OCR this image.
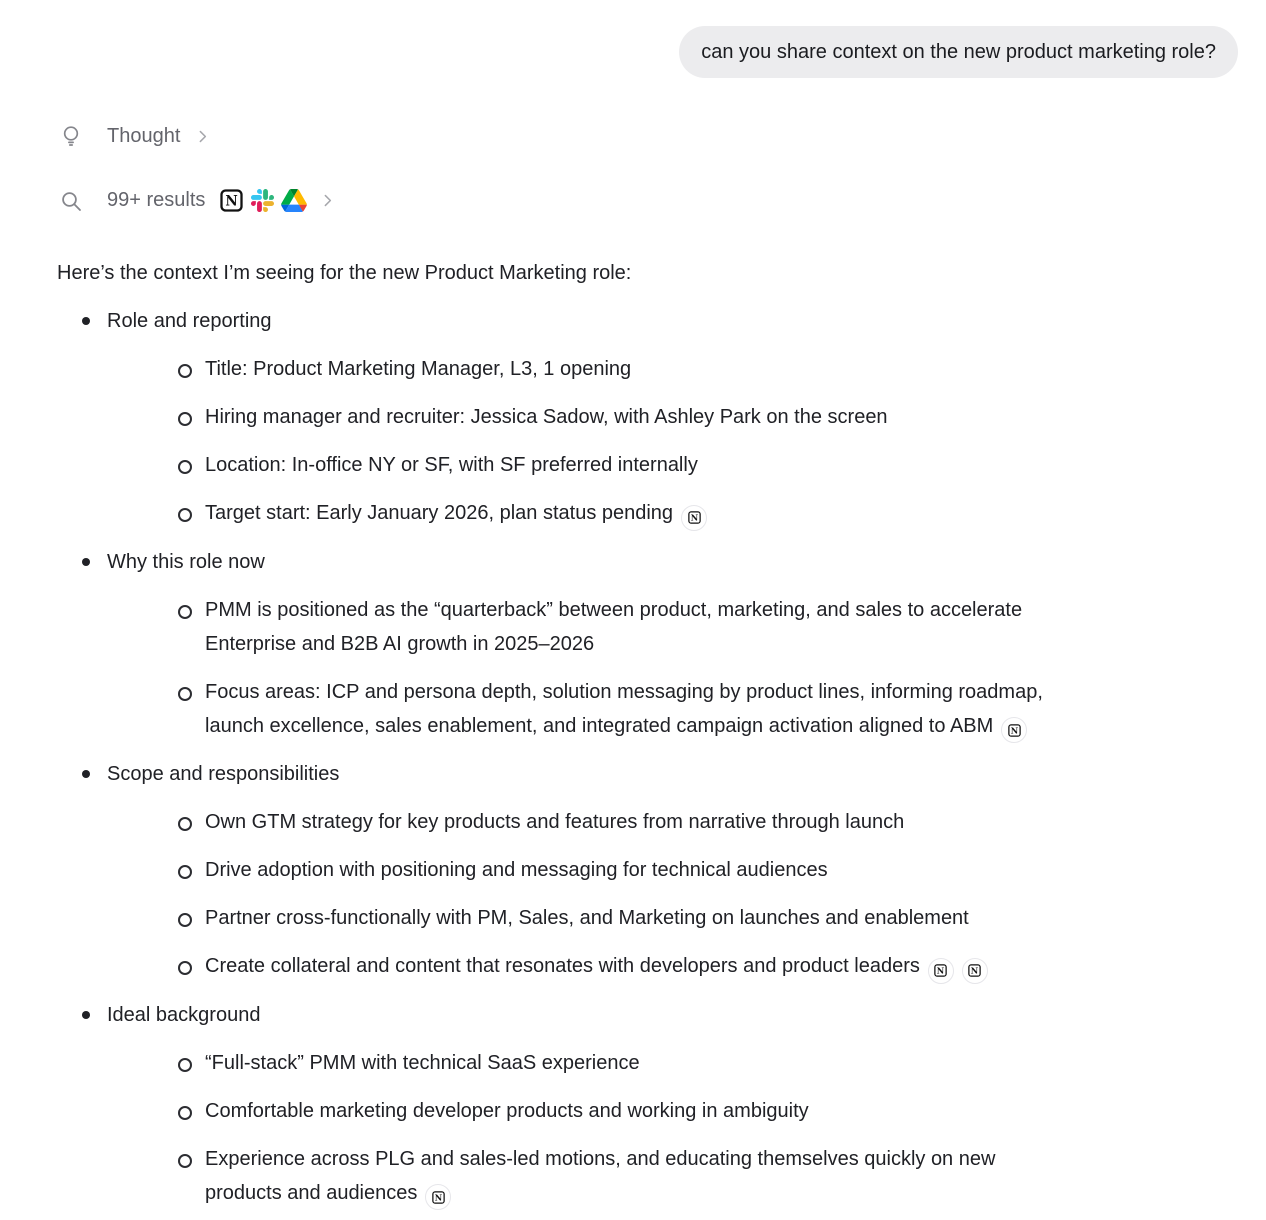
can you share context on the new product marketing role?
Thought
99+ results N

Here’s the context I’m seeing for the new Product Marketing role:

Role and reporting
Title: Product Marketing Manager, L3, 1 opening
Hiring manager and recruiter: Jessica Sadow, with Ashley Park on the screen
Location: In-office NY or SF, with SF preferred internally
Target start: Early January 2026, plan status pending N
Why this role now
PMM is positioned as the “quarterback” between product, marketing, and sales to accelerate Enterprise and B2B AI growth in 2025–2026
Focus areas: ICP and persona depth, solution messaging by product lines, informing roadmap, launch excellence, sales enablement, and integrated campaign activation aligned to ABM N
Scope and responsibilities
Own GTM strategy for key products and features from narrative through launch
Drive adoption with positioning and messaging for technical audiences
Partner cross-functionally with PM, Sales, and Marketing on launches and enablement
Create collateral and content that resonates with developers and product leaders N N
Ideal background
“Full-stack” PMM with technical SaaS experience
Comfortable marketing developer products and working in ambiguity
Experience across PLG and sales-led motions, and educating themselves quickly on new products and audiences N
